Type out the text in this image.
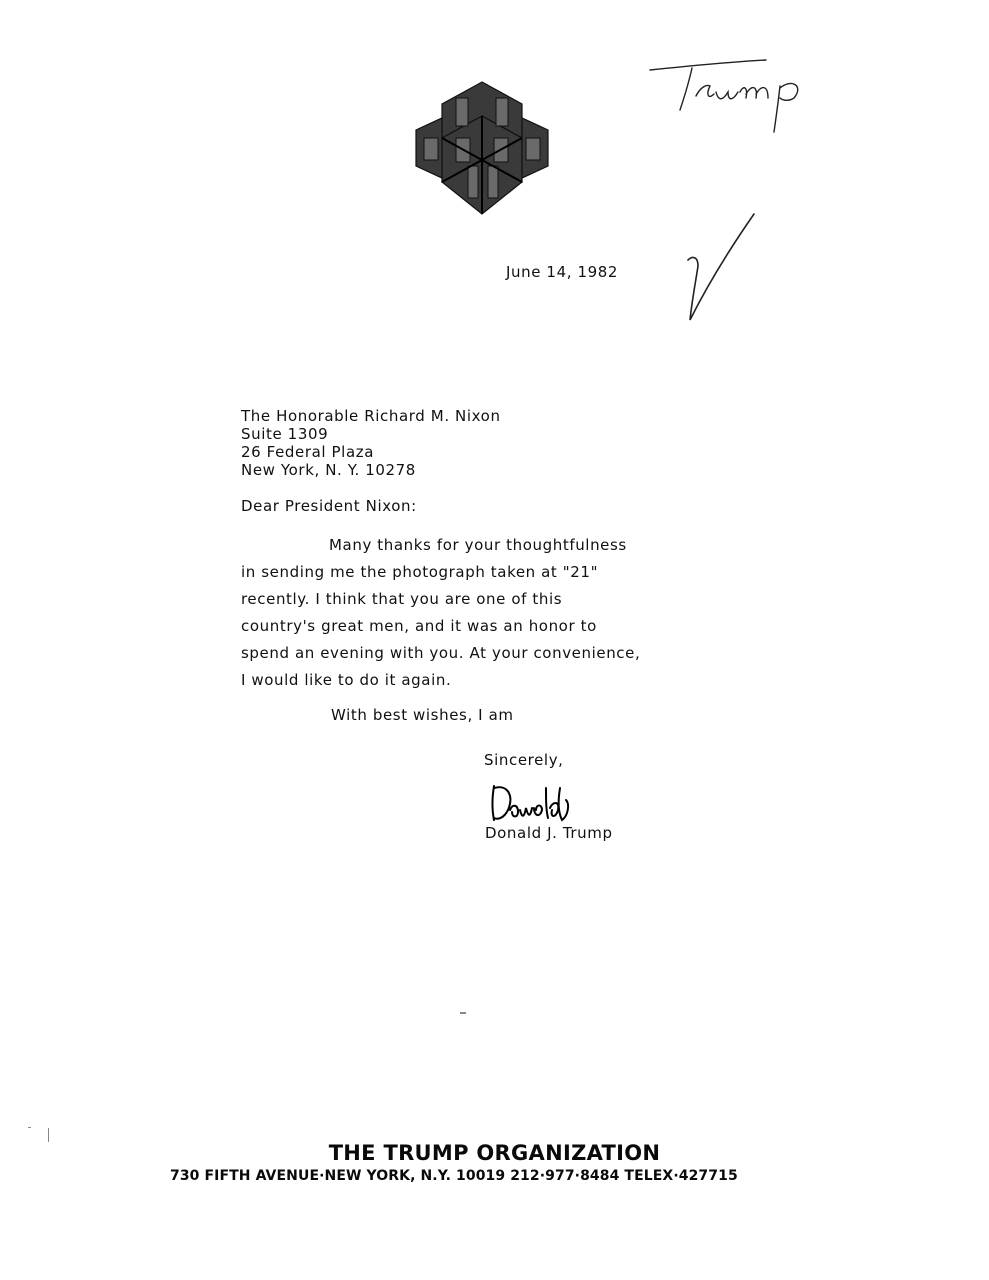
June 14, 1982
The Honorable Richard M. Nixon
Suite 1309
26 Federal Plaza
New York, N. Y. 10278
Dear President Nixon:
Many thanks for your thoughtfulness
in sending me the photograph taken at "21"
recently. I think that you are one of this
country's great men, and it was an honor to
spend an evening with you. At your convenience,
I would like to do it again.
With best wishes, I am
Sincerely,
Donald J. Trump
THE TRUMP ORGANIZATION
730 FIFTH AVENUE·NEW YORK, N.Y. 10019 212·977·8484 TELEX·427715
